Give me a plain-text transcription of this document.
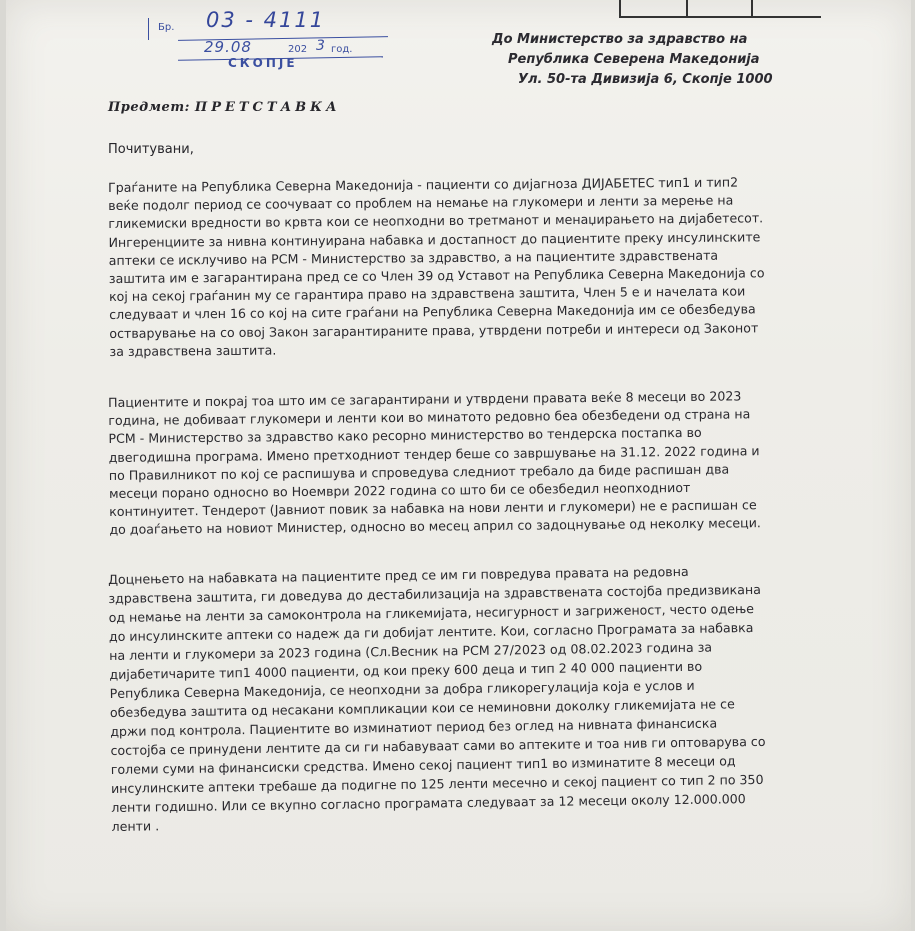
Бр. 03 - 4111
29.08	202 3 год.
СКОПЈЕ
До Министерство за здравство на
Република Северена Македонија
Ул. 50-та Дивизија 6, Скопје 1000
Предмет: ПРЕТСТАВКА
Почитувани,
Граѓаните на Република Северна Македонија - пациенти со дијагноза ДИЈАБЕТЕС тип1 и тип2
веќе подолг период се соочуваат со проблем на немање на глукомери и ленти за мерење на
гликемиски вредности во крвта кои се неопходни во третманот и менаџирањето на дијабетесот.
Ингеренциите за нивна континуирана набавка и достапност до пациентите преку инсулинските
аптеки се исклучиво на РСМ - Министерство за здравство, а на пациентите здравствената
заштита им е загарантирана пред се со Член 39 од Уставот на Република Северна Македонија со
кој на секој граѓанин му се гарантира право на здравствена заштита, Член 5 е и начелата кои
следуваат и член 16 со кој на сите граѓани на Република Северна Македонија им се обезбедува
остварување на со овој Закон загарантираните права, утврдени потреби и интереси од Законот
за здравствена заштита.
Пациентите и покрај тоа што им се загарантирани и утврдени правата веќе 8 месеци во 2023
година, не добиваат глукомери и ленти кои во минатото редовно беа обезбедени од страна на
РСМ - Министерство за здравство како ресорно министерство во тендерска постапка во
двегодишна програма. Имено претходниот тендер беше со завршување на 31.12. 2022 година и
по Правилникот по кој се распишува и спроведува следниот требало да биде распишан два
месеци порано односно во Ноември 2022 година со што би се обезбедил неопходниот
континуитет. Тендерот (Јавниот повик за набавка на нови ленти и глукомери) не е распишан се
до доаѓањето на новиот Министер, односно во месец април со задоцнување од неколку месеци.
Доцнењето на набавката на пациентите пред се им ги повредува правата на редовна
здравствена заштита, ги доведува до дестабилизација на здравствената состојба предизвикана
од немање на ленти за самоконтрола на гликемијата, несигурност и загриженост, често одење
до инсулинските аптеки со надеж да ги добијат лентите. Кои, согласно Програмата за набавка
на ленти и глукомери за 2023 година (Сл.Весник на РСМ 27/2023 од 08.02.2023 година за
дијабетичарите тип1 4000 пациенти, од кои преку 600 деца и тип 2 40 000 пациенти во
Република Северна Македонија, се неопходни за добра гликорегулација која е услов и
обезбедува заштита од несакани компликации кои се неминовни доколку гликемијата не се
држи под контрола. Пациентите во изминатиот период без оглед на нивната финансиска
состојба се принудени лентите да си ги набавуваат сами во аптеките и тоа нив ги оптоварува со
големи суми на финансиски средства. Имено секој пациент тип1 во изминатите 8 месеци од
инсулинските аптеки требаше да подигне по 125 ленти месечно и секој пациент со тип 2 по 350
ленти годишно. Или се вкупно согласно програмата следуваат за 12 месеци околу 12.000.000
ленти .
